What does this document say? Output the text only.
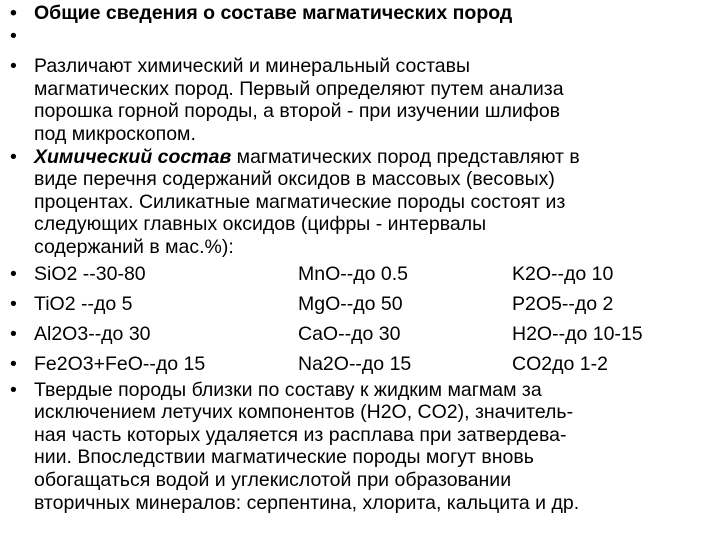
• Общие сведения о составе магматических пород
•
• Различают химический и минеральный составы
магматических пород. Первый определяют путем анализа
порошка горной породы, а второй - при изучении шлифов
под микроскопом.
• Химический состав магматических пород представляют в
виде перечня содержаний оксидов в массовых (весовых)
процентах. Силикатные магматические породы состоят из
следующих главных оксидов (цифры - интервалы
содержаний в мас.%):
• SiO2 --30-80	MnO--до 0.5	K2O--до 10
• TiO2 --до 5	MgO--до 50	P2O5--до 2
• Al2O3--до 30	CaO--до 30	H2O--до 10-15
• Fe2O3+FeO--до 15	Na2O--до 15	CO2до 1-2
• Твердые породы близки по составу к жидким магмам за
исключением летучих компонентов (H2O, CO2), значитель-
ная часть которых удаляется из расплава при затвердева-
нии. Впоследствии магматические породы могут вновь
обогащаться водой и углекислотой при образовании
вторичных минералов: серпентина, хлорита, кальцита и др.
